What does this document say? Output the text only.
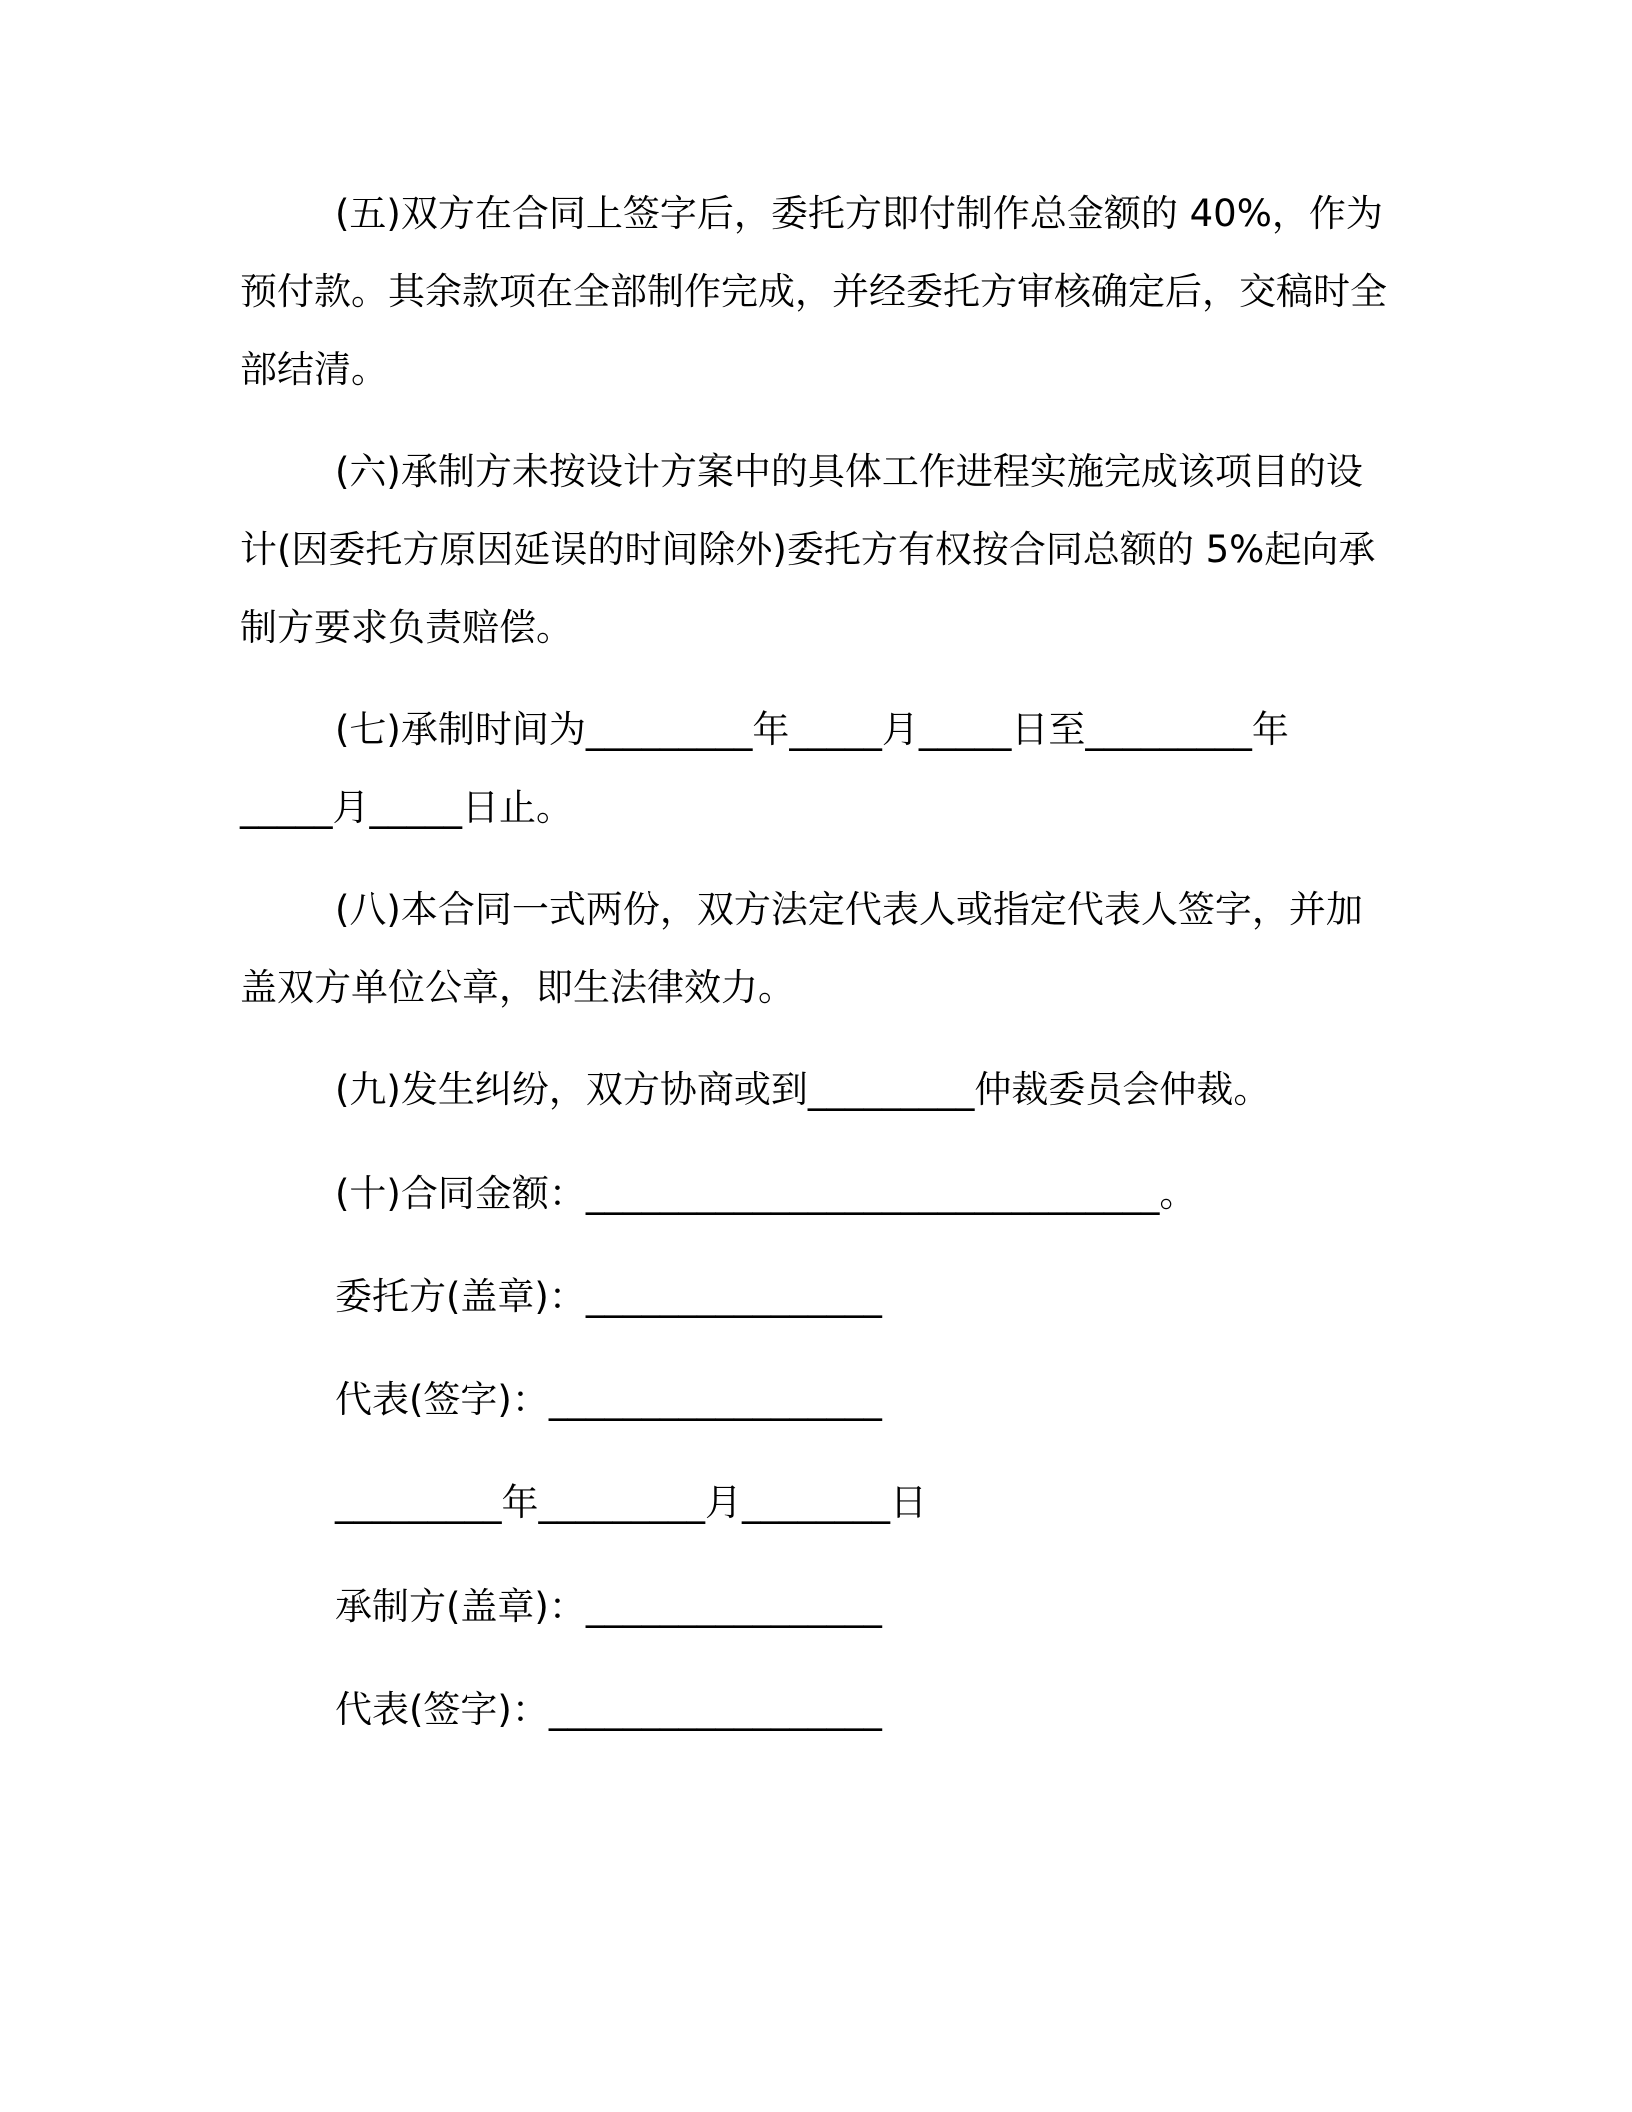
(五)双方在合同上签字后，委托方即付制作总金额的 40%，作为预付款。其余款项在全部制作完成，并经委托方审核确定后，交稿时全部结清。

(六)承制方未按设计方案中的具体工作进程实施完成该项目的设计(因委托方原因延误的时间除外)委托方有权按合同总额的 5%起向承制方要求负责赔偿。

(七)承制时间为_________年_____月_____日至_________年

_____月_____日止。

(八)本合同一式两份，双方法定代表人或指定代表人签字，并加盖双方单位公章，即生法律效力。

(九)发生纠纷，双方协商或到_________仲裁委员会仲裁。

(十)合同金额：_______________________________。

委托方(盖章)：________________

代表(签字)：__________________

_________年_________月________日

承制方(盖章)：________________

代表(签字)：__________________
